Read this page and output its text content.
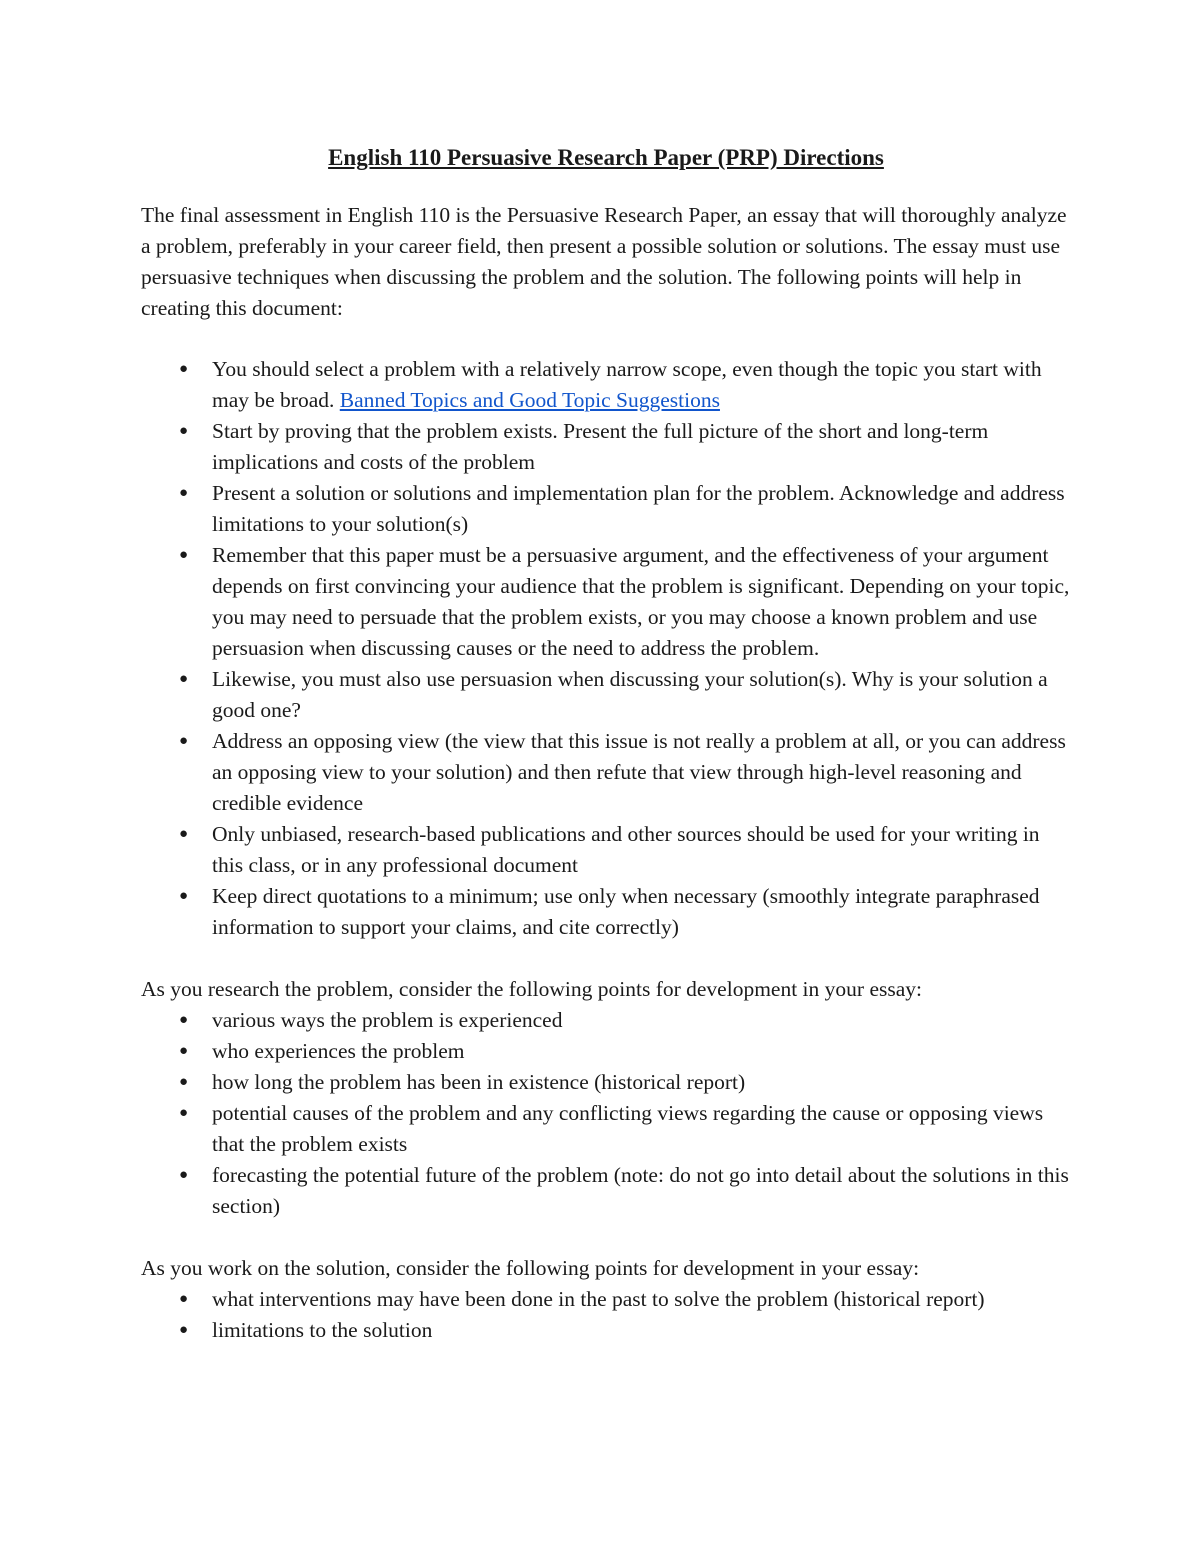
English 110 Persuasive Research Paper (PRP) Directions

The final assessment in English 110 is the Persuasive Research Paper, an essay that will thoroughly analyze a problem, preferably in your career field, then present a possible solution or solutions. The essay must use persuasive techniques when discussing the problem and the solution. The following points will help in creating this document:

● You should select a problem with a relatively narrow scope, even though the topic you start with may be broad. Banned Topics and Good Topic Suggestions
● Start by proving that the problem exists. Present the full picture of the short and long-term implications and costs of the problem
● Present a solution or solutions and implementation plan for the problem. Acknowledge and address limitations to your solution(s)
● Remember that this paper must be a persuasive argument, and the effectiveness of your argument depends on first convincing your audience that the problem is significant. Depending on your topic, you may need to persuade that the problem exists, or you may choose a known problem and use persuasion when discussing causes or the need to address the problem.
● Likewise, you must also use persuasion when discussing your solution(s). Why is your solution a good one?
● Address an opposing view (the view that this issue is not really a problem at all, or you can address an opposing view to your solution) and then refute that view through high-level reasoning and credible evidence
● Only unbiased, research-based publications and other sources should be used for your writing in this class, or in any professional document
● Keep direct quotations to a minimum; use only when necessary (smoothly integrate paraphrased information to support your claims, and cite correctly)

As you research the problem, consider the following points for development in your essay:

● various ways the problem is experienced
● who experiences the problem
● how long the problem has been in existence (historical report)
● potential causes of the problem and any conflicting views regarding the cause or opposing views that the problem exists
● forecasting the potential future of the problem (note: do not go into detail about the solutions in this section)

As you work on the solution, consider the following points for development in your essay:

● what interventions may have been done in the past to solve the problem (historical report)
● limitations to the solution
